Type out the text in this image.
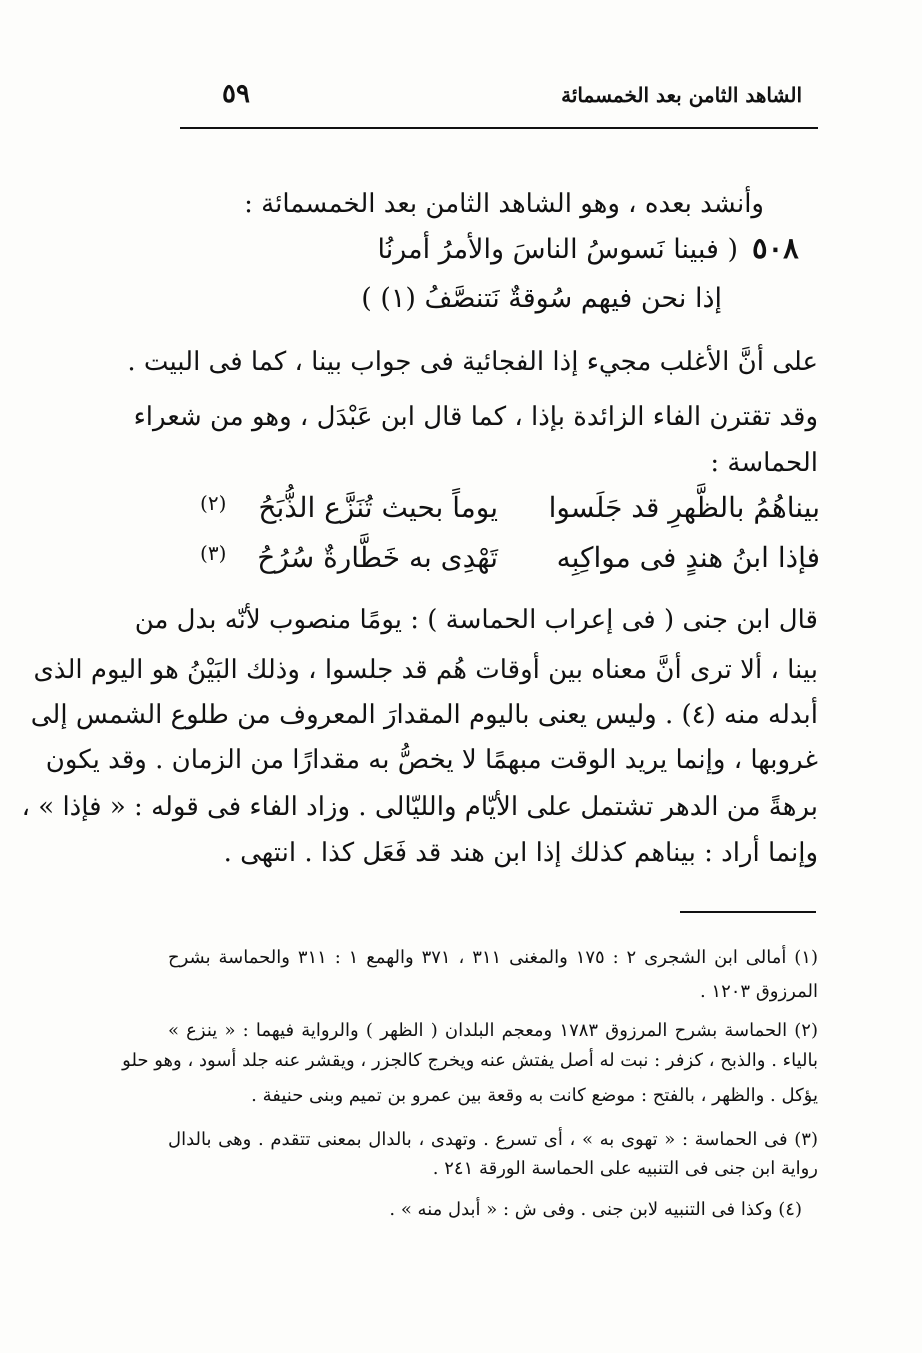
الشاهد الثامن بعد الخمسمائة
٥٩
وأنشد بعده ، وهو الشاهد الثامن بعد الخمسمائة :
٥٠٨
( فبينا نَسوسُ الناسَ والأمرُ أمرنُا
إذا نحن فيهم سُوقةٌ نَتنصَّفُ (١) )
على أنَّ الأغلب مجيء إذا الفجائية فى جواب بينا ، كما فى البيت .
وقد تقترن الفاء الزائدة بإذا ، كما قال ابن عَبْدَل ، وهو من شعراء
الحماسة :
بيناهُمُ بالظَّهرِ قد جَلَسوا
يوماً بحيث تُنَزَّع الذُّبَحُ
(٢)
فإذا ابنُ هندٍ فى مواكِبِه
تَهْدِى به خَطَّارةٌ سُرُحُ
(٣)
قال ابن جنى ( فى إعراب الحماسة ) : يومًا منصوب لأنّه بدل من
بينا ، ألا ترى أنَّ معناه بين أوقات هُم قد جلسوا ، وذلك البَيْنُ هو اليوم الذى
أبدله منه (٤) . وليس يعنى باليوم المقدارَ المعروف من طلوع الشمس إلى
غروبها ، وإنما يريد الوقت مبهمًا لا يخصُّ به مقدارًا من الزمان . وقد يكون
برهةً من الدهر تشتمل على الأيّام والليّالى . وزاد الفاء فى قوله : « فإذا » ،
وإنما أراد : بيناهم كذلك إذا ابن هند قد فَعَل كذا . انتهى .
(١) أمالى ابن الشجرى ٢ : ١٧٥ والمغنى ٣١١ ، ٣٧١ والهمع ١ : ٣١١ والحماسة بشرح
المرزوق ١٢٠٣ .
(٢) الحماسة بشرح المرزوق ١٧٨٣ ومعجم البلدان ( الظهر ) والرواية فيهما : « ينزع »
بالياء . والذبح ، كزفر : نبت له أصل يفتش عنه ويخرج كالجزر ، ويقشر عنه جلد أسود ، وهو حلو
يؤكل . والظهر ، بالفتح : موضع كانت به وقعة بين عمرو بن تميم وبنى حنيفة .
(٣) فى الحماسة : « تهوى به » ، أى تسرع . وتهدى ، بالدال بمعنى تتقدم . وهى بالدال
رواية ابن جنى فى التنبيه على الحماسة الورقة ٢٤١ .
(٤) وكذا فى التنبيه لابن جنى . وفى ش : « أبدل منه » .
